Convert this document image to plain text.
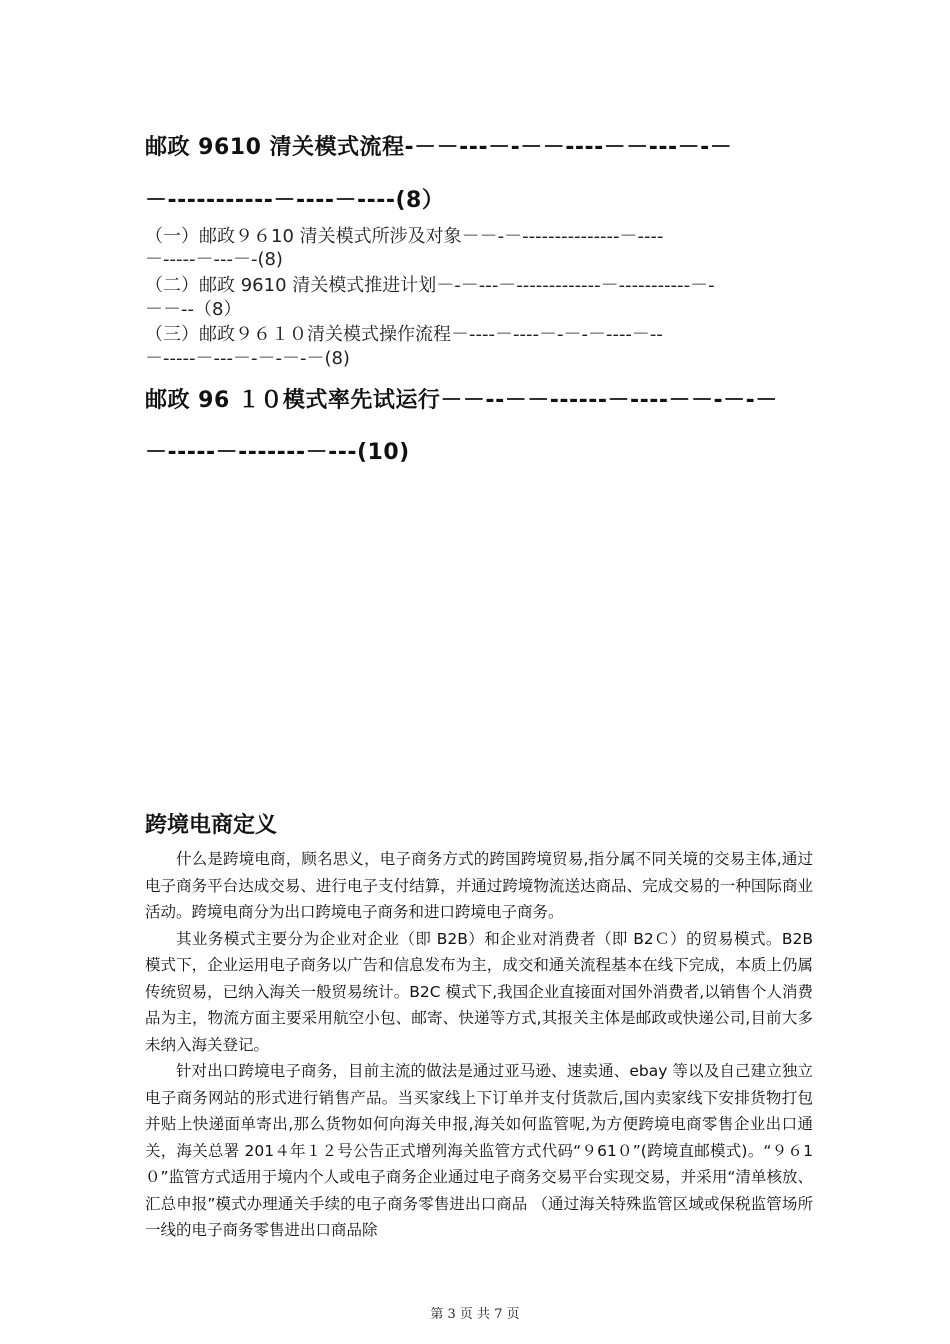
邮政 9610 清关模式流程-－－---－-－－----－－---－-－
－-----------－----－----(8）
（一）邮政９６10 清关模式所涉及对象－－-－---------------－----
－-----－---－-(8)
（二）邮政 9610 清关模式推进计划－-－---－-------------－-----------－-
－－--（8）
（三）邮政９６１０清关模式操作流程－----－----－-－-－----－--
－-----－---－-－-－-－(8)
邮政 96 １０模式率先试运行－－--－－------－----－－-－-－
－-----－-------－---(10)
跨境电商定义

什么是跨境电商，顾名思义，电子商务方式的跨国跨境贸易,指分属不同关境的交易主体,通过电子商务平台达成交易、进行电子支付结算，并通过跨境物流送达商品、完成交易的一种国际商业活动。跨境电商分为出口跨境电子商务和进口跨境电子商务。

其业务模式主要分为企业对企业（即 B2B）和企业对消费者（即 B2Ｃ）的贸易模式。B2B 模式下，企业运用电子商务以广告和信息发布为主，成交和通关流程基本在线下完成，本质上仍属传统贸易，已纳入海关一般贸易统计。B2C 模式下,我国企业直接面对国外消费者,以销售个人消费品为主，物流方面主要采用航空小包、邮寄、快递等方式,其报关主体是邮政或快递公司,目前大多未纳入海关登记。

针对出口跨境电子商务，目前主流的做法是通过亚马逊、速卖通、ebay 等以及自己建立独立电子商务网站的形式进行销售产品。当买家线上下订单并支付货款后,国内卖家线下安排货物打包并贴上快递面单寄出,那么货物如何向海关申报,海关如何监管呢,为方便跨境电商零售企业出口通关，海关总署 201４年１２号公告正式增列海关监管方式代码“９61０”(跨境直邮模式)。“９６1０”监管方式适用于境内个人或电子商务企业通过电子商务交易平台实现交易，并采用“清单核放、汇总申报”模式办理通关手续的电子商务零售进出口商品 （通过海关特殊监管区域或保税监管场所一线的电子商务零售进出口商品除

第 3 页 共 7 页
